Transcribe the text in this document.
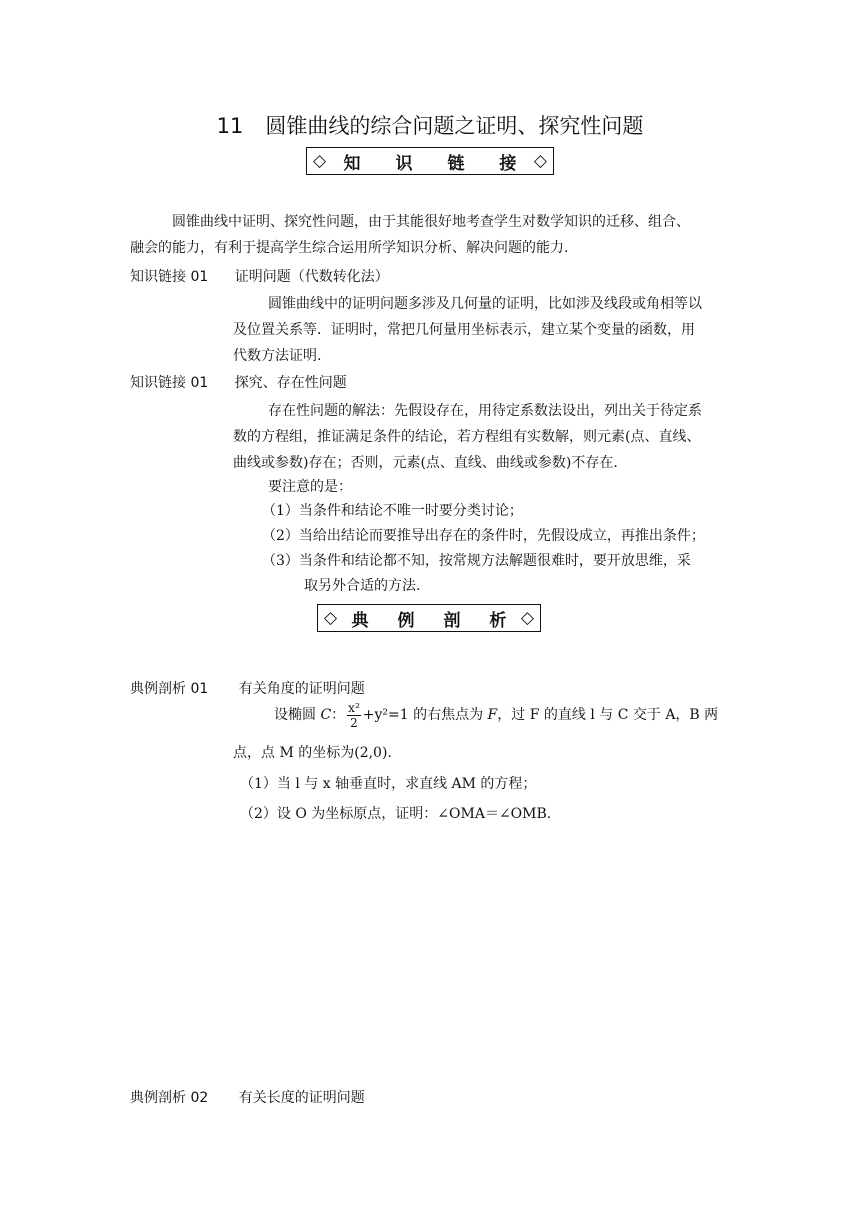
11 圆锥曲线的综合问题之证明、探究性问题
◇ 知 识 链 接 ◇
圆锥曲线中证明、探究性问题，由于其能很好地考查学生对数学知识的迁移、组合、
融会的能力，有利于提高学生综合运用所学知识分析、解决问题的能力.
知识链接 01 证明问题（代数转化法）
圆锥曲线中的证明问题多涉及几何量的证明，比如涉及线段或角相等以
及位置关系等．证明时，常把几何量用坐标表示，建立某个变量的函数，用
代数方法证明.
知识链接 01 探究、存在性问题
存在性问题的解法：先假设存在，用待定系数法设出，列出关于待定系
数的方程组，推证满足条件的结论，若方程组有实数解，则元素(点、直线、
曲线或参数)存在；否则，元素(点、直线、曲线或参数)不存在.
要注意的是：
（1）当条件和结论不唯一时要分类讨论；
（2）当给出结论而要推导出存在的条件时，先假设成立，再推出条件；
（3）当条件和结论都不知，按常规方法解题很难时，要开放思维，采
取另外合适的方法.
◇ 典 例 剖 析 ◇
典例剖析 01 有关角度的证明问题
设椭圆 C： $\frac{\text{x²}}{2} +y^2=1$ 的右焦点为 F，过 F 的直线 l 与 C 交于 A，B 两
点，点 M 的坐标为(2,0).
（1）当 l 与 x 轴垂直时，求直线 AM 的方程；
（2）设 O 为坐标原点，证明：∠OMA＝∠OMB.
典例剖析 02 有关长度的证明问题
